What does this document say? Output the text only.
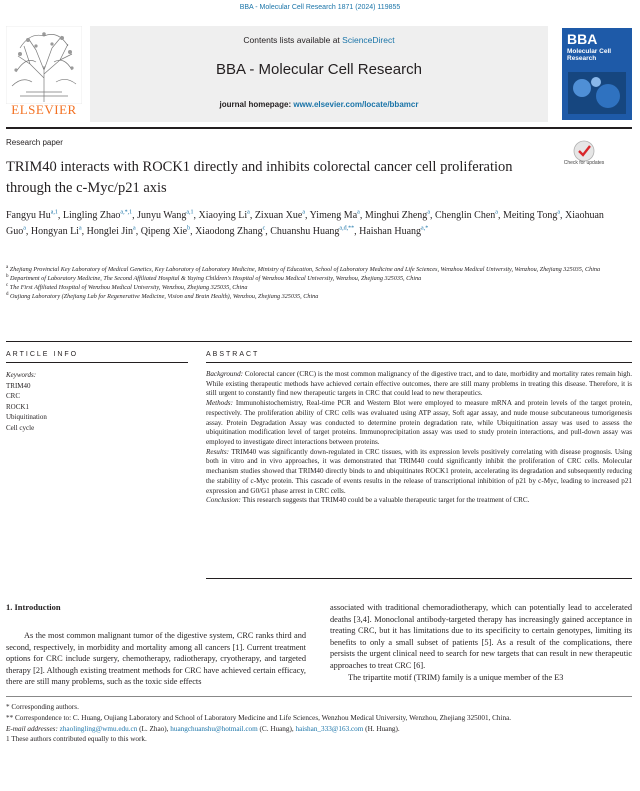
BBA - Molecular Cell Research 1871 (2024) 119855
ELSEVIER
Contents lists available at ScienceDirect
BBA - Molecular Cell Research
journal homepage: www.elsevier.com/locate/bbamcr
BBA
Molecular Cell Research
Research paper
TRIM40 interacts with ROCK1 directly and inhibits colorectal cancer cell proliferation through the c-Myc/p21 axis
Check for updates
Fangyu Hu$^{a,1}$, Lingling Zhao$^{a,*,1}$, Junyu Wang$^{a,1}$, Xiaoying Li$^a$, Zixuan Xue$^a$, Yimeng Ma$^a$, Minghui Zheng$^a$, Chenglin Chen$^a$, Meiting Tong$^a$, Xiaohuan Guo$^a$, Hongyan Li$^a$, Honglei Jin$^a$, Qipeng Xie$^b$, Xiaodong Zhang$^c$, Chuanshu Huang$^{a,d,**}$, Haishan Huang$^{a,*}$
$^a$ Zhejiang Provincial Key Laboratory of Medical Genetics, Key Laboratory of Laboratory Medicine, Ministry of Education, School of Laboratory Medicine and Life Sciences, Wenzhou Medical University, Wenzhou, Zhejiang 325035, China
$^b$ Department of Laboratory Medicine, The Second Affiliated Hospital & Yuying Children's Hospital of Wenzhou Medical University, Wenzhou, Zhejiang 325035, China
$^c$ The First Affiliated Hospital of Wenzhou Medical University, Wenzhou, Zhejiang 325035, China
$^d$ Oujiang Laboratory (Zhejiang Lab for Regenerative Medicine, Vision and Brain Health), Wenzhou, Zhejiang 325035, China
ARTICLE INFO	ABSTRACT
Keywords:
TRIM40
CRC
ROCK1
Ubiquitination
Cell cycle

Background: Colorectal cancer (CRC) is the most common malignancy of the digestive tract, and to date, morbidity and mortality rates remain high. While existing therapeutic methods have achieved certain effective outcomes, there are still many problems in treating this disease. Therefore, it is still urgent to constantly find new therapeutic targets in CRC that could lead to new therapeutics.

Methods: Immunohistochemistry, Real-time PCR and Western Blot were employed to measure mRNA and protein levels of the target protein, respectively. The proliferation ability of CRC cells was evaluated using ATP assay, Soft agar assay, and nude mouse subcutaneous tumorigenesis assay. Protein Degradation Assay was conducted to determine protein degradation rate, while Ubiquitination assay was used to assess the ubiquitination modification level of target proteins. Immunoprecipitation assay was used to study protein interactions, and pull-down assay was employed to investigate direct interactions between proteins.

Results: TRIM40 was significantly down-regulated in CRC tissues, with its expression levels positively correlating with disease prognosis. Using both in vitro and in vivo approaches, it was demonstrated that TRIM40 could significantly inhibit the proliferation of CRC cells. Molecular mechanism studies showed that TRIM40 directly binds to and ubiquitinates ROCK1 protein, accelerating its degradation and subsequently reducing the stability of c-Myc protein. This cascade of events results in the release of transcriptional inhibition of p21 by c-Myc, leading to increased p21 expression and G0/G1 phase arrest in CRC cells.

Conclusion: This research suggests that TRIM40 could be a valuable therapeutic target for the treatment of CRC.

1. Introduction

As the most common malignant tumor of the digestive system, CRC ranks third and second, respectively, in morbidity and mortality among all cancers [1]. Current treatment options for CRC include surgery, chemotherapy, radiotherapy, cryotherapy, and targeted therapy [2]. Although existing treatment methods for CRC have achieved certain efficacy, there are still many problems, such as the toxic side effects

associated with traditional chemoradiotherapy, which can potentially lead to accelerated deaths [3,4]. Monoclonal antibody-targeted therapy has increasingly gained acceptance in treating CRC, but it has limitations due to its specificity to certain genotypes, limiting its benefits to only a small subset of patients [5]. As a result of the complications, there persists the urgent clinical need to search for new targets that can result in new therapeutic approaches to treat CRC [6].

The tripartite motif (TRIM) family is a unique member of the E3

* Corresponding authors.
** Correspondence to: C. Huang, Oujiang Laboratory and School of Laboratory Medicine and Life Sciences, Wenzhou Medical University, Wenzhou, Zhejiang 325001, China.
E-mail addresses: zhaolingling@wmu.edu.cn (L. Zhao), huangchuanshu@hotmail.com (C. Huang), haishan_333@163.com (H. Huang).
1 These authors contributed equally to this work.
